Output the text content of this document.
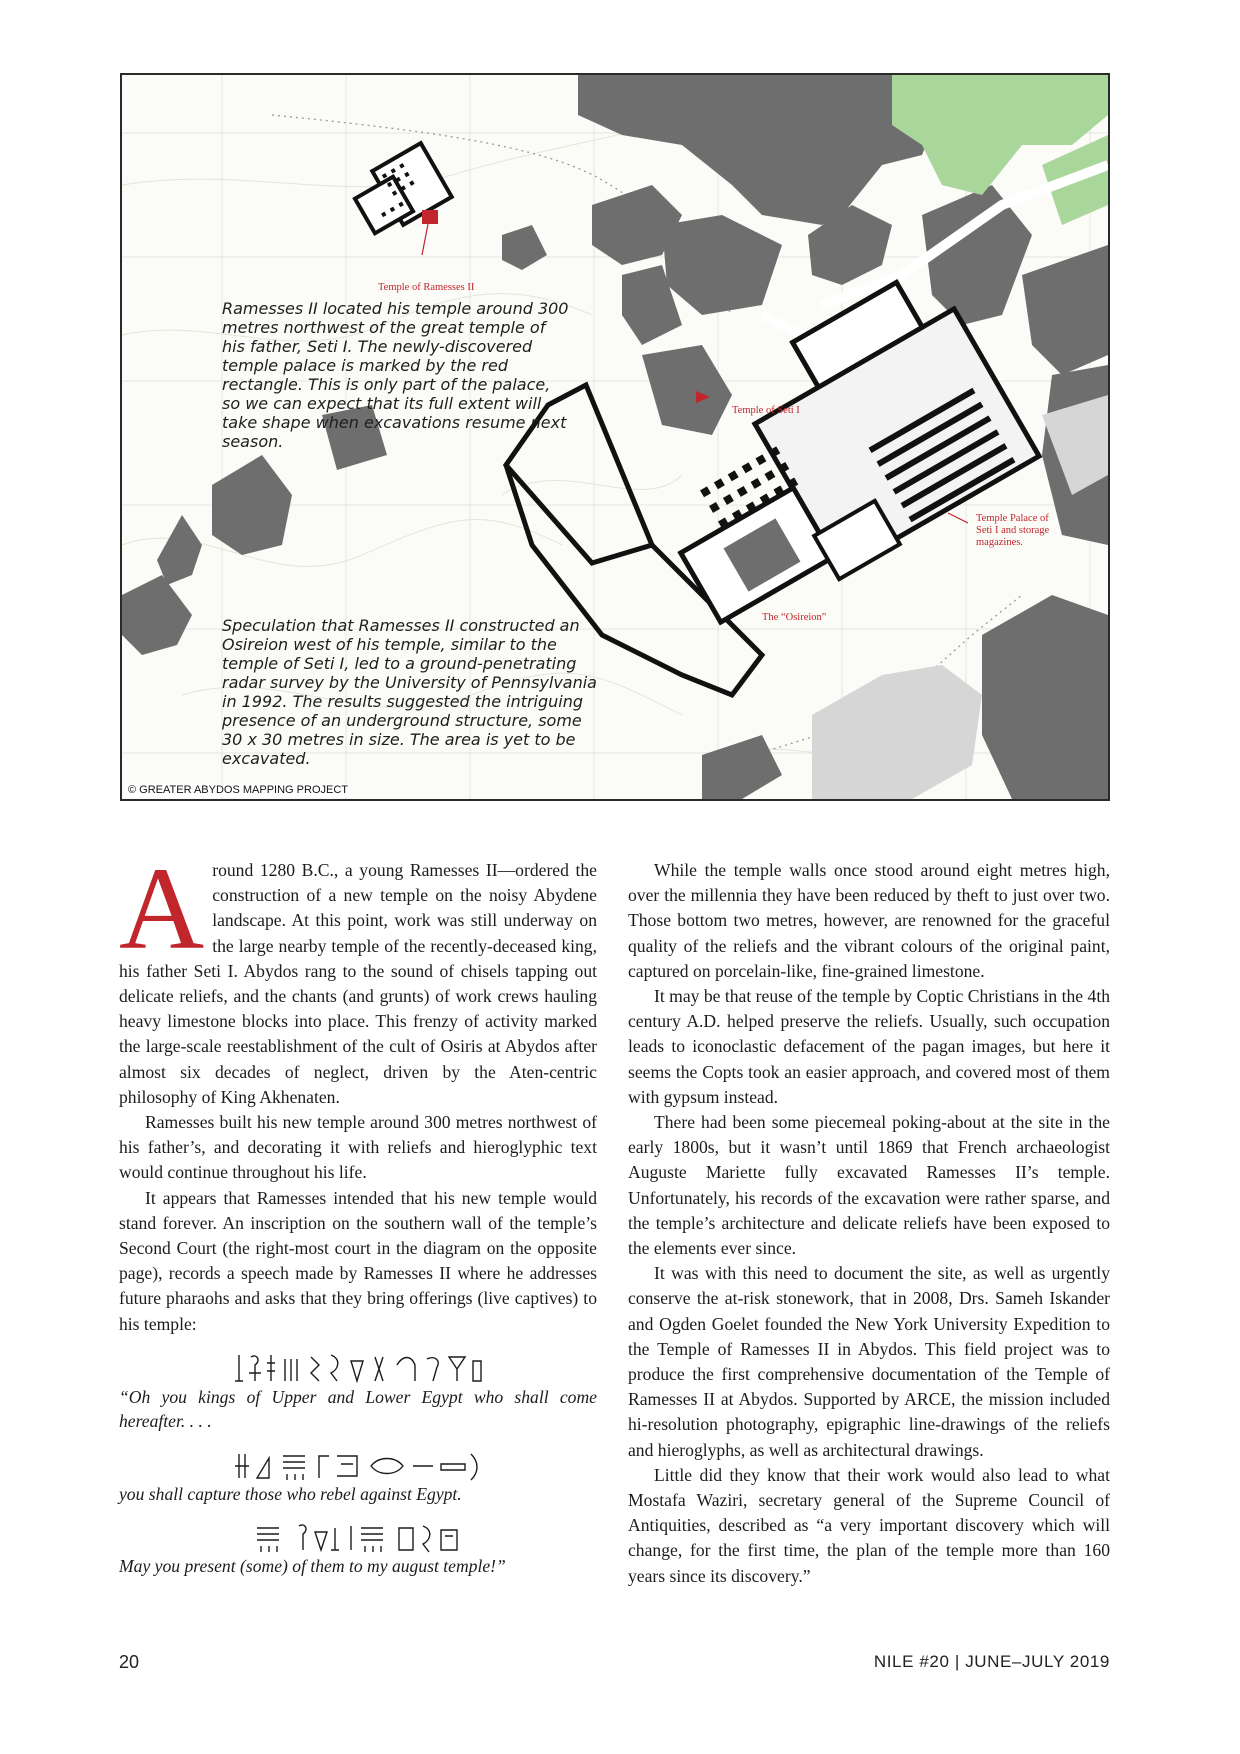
Temple of Ramesses II

Temple of Seti I

Temple Palace of Seti I and storage magazines.

The “Osireion”

Ramesses II located his temple around 300 metres northwest of the great temple of his father, Seti I. The newly-discovered temple palace is marked by the red rectangle. This is only part of the palace, so we can expect that its full extent will take shape when excavations resume next season.

Speculation that Ramesses II constructed an Osireion west of his temple, similar to the temple of Seti I, led to a ground-penetrating radar survey by the University of Pennsylvania in 1992. The results suggested the intriguing presence of an underground structure, some 30 x 30 metres in size. The area is yet to be excavated.

© GREATER ABYDOS MAPPING PROJECT

A round 1280 B.C., a young Ramesses II—ordered the construction of a new temple on the noisy Abydene landscape. At this point, work was still underway on the large nearby temple of the recently-deceased king, his father Seti I. Abydos rang to the sound of chisels tapping out delicate reliefs, and the chants (and grunts) of work crews hauling heavy limestone blocks into place. This frenzy of activity marked the large-scale reestablishment of the cult of Osiris at Abydos after almost six decades of neglect, driven by the Aten-centric philosophy of King Akhenaten.

Ramesses built his new temple around 300 metres northwest of his father’s, and decorating it with reliefs and hieroglyphic text would continue throughout his life.

It appears that Ramesses intended that his new temple would stand forever. An inscription on the southern wall of the temple’s Second Court (the right-most court in the diagram on the opposite page), records a speech made by Ramesses II where he addresses future pharaohs and asks that they bring offerings (live captives) to his temple:

“Oh you kings of Upper and Lower Egypt who shall come hereafter. . . .

you shall capture those who rebel against Egypt.

May you present (some) of them to my august temple!”

While the temple walls once stood around eight metres high, over the millennia they have been reduced by theft to just over two. Those bottom two metres, however, are renowned for the graceful quality of the reliefs and the vibrant colours of the original paint, captured on porcelain-like, fine-grained limestone.

It may be that reuse of the temple by Coptic Christians in the 4th century A.D. helped preserve the reliefs. Usually, such occupation leads to iconoclastic defacement of the pagan images, but here it seems the Copts took an easier approach, and covered most of them with gypsum instead.

There had been some piecemeal poking-about at the site in the early 1800s, but it wasn’t until 1869 that French archaeologist Auguste Mariette fully excavated Ramesses II’s temple. Unfortunately, his records of the excavation were rather sparse, and the temple’s architecture and delicate reliefs have been exposed to the elements ever since.

It was with this need to document the site, as well as urgently conserve the at-risk stonework, that in 2008, Drs. Sameh Iskander and Ogden Goelet founded the New York University Expedition to the Temple of Ramesses II in Abydos. This field project was to produce the first comprehensive documentation of the Temple of Ramesses II at Abydos. Supported by ARCE, the mission included hi-resolution photography, epigraphic line-drawings of the reliefs and hieroglyphs, as well as architectural drawings.

Little did they know that their work would also lead to what Mostafa Waziri, secretary general of the Supreme Council of Antiquities, described as “a very important discovery which will change, for the first time, the plan of the temple more than 160 years since its discovery.”

20	NILE #20 | JUNE–JULY 2019
